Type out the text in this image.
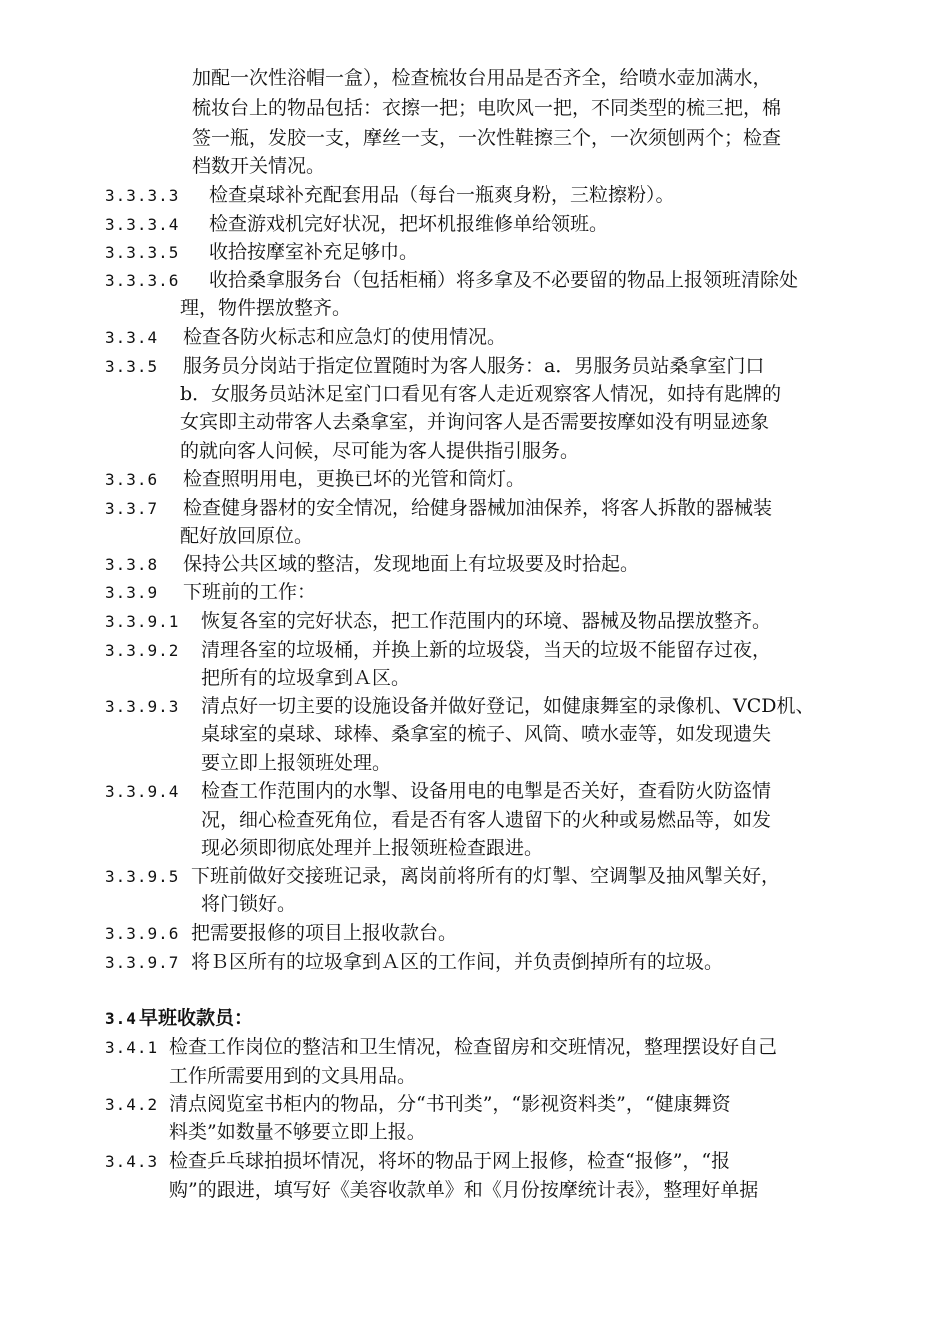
加配一次性浴帽一盒），检查梳妆台用品是否齐全，给喷水壶加满水，
梳妆台上的物品包括：衣擦一把；电吹风一把，不同类型的梳三把，棉
签一瓶，发胶一支，摩丝一支，一次性鞋擦三个，一次须刨两个；检查
档数开关情况。
3.3.3.3 检查桌球补充配套用品（每台一瓶爽身粉，三粒擦粉）。
3.3.3.4 检查游戏机完好状况，把坏机报维修单给领班。
3.3.3.5 收拾按摩室补充足够巾。
3.3.3.6 收拾桑拿服务台（包括柜桶）将多拿及不必要留的物品上报领班清除处
理，物件摆放整齐。
3.3.4 检查各防火标志和应急灯的使用情况。
3.3.5 服务员分岗站于指定位置随时为客人服务：a．男服务员站桑拿室门口
b．女服务员站沐足室门口看见有客人走近观察客人情况，如持有匙牌的
女宾即主动带客人去桑拿室，并询问客人是否需要按摩如没有明显迹象
的就向客人问候，尽可能为客人提供指引服务。
3.3.6 检查照明用电，更换已坏的光管和筒灯。
3.3.7 检查健身器材的安全情况，给健身器械加油保养，将客人拆散的器械装
配好放回原位。
3.3.8 保持公共区域的整洁，发现地面上有垃圾要及时拾起。
3.3.9 下班前的工作：
3.3.9.1 恢复各室的完好状态，把工作范围内的环境、器械及物品摆放整齐。
3.3.9.2 清理各室的垃圾桶，并换上新的垃圾袋，当天的垃圾不能留存过夜，
把所有的垃圾拿到Ａ区。
3.3.9.3 清点好一切主要的设施设备并做好登记，如健康舞室的录像机、VCD机、
桌球室的桌球、球棒、桑拿室的梳子、风筒、喷水壶等，如发现遗失
要立即上报领班处理。
3.3.9.4 检查工作范围内的水掣、设备用电的电掣是否关好，查看防火防盗情
况，细心检查死角位，看是否有客人遗留下的火种或易燃品等，如发
现必须即彻底处理并上报领班检查跟进。
3.3.9.5 下班前做好交接班记录，离岗前将所有的灯掣、空调掣及抽风掣关好，
将门锁好。
3.3.9.6 把需要报修的项目上报收款台。
3.3.9.7 将Ｂ区所有的垃圾拿到Ａ区的工作间，并负责倒掉所有的垃圾。
3.4 早班收款员：
3.4.1 检查工作岗位的整洁和卫生情况，检查留房和交班情况，整理摆设好自己
工作所需要用到的文具用品。
3.4.2 清点阅览室书柜内的物品，分“书刊类”，“影视资料类”，“健康舞资
料类”如数量不够要立即上报。
3.4.3 检查乒乓球拍损坏情况，将坏的物品于网上报修，检查“报修”，“报
购”的跟进，填写好《美容收款单》和《月份按摩统计表》，整理好单据
